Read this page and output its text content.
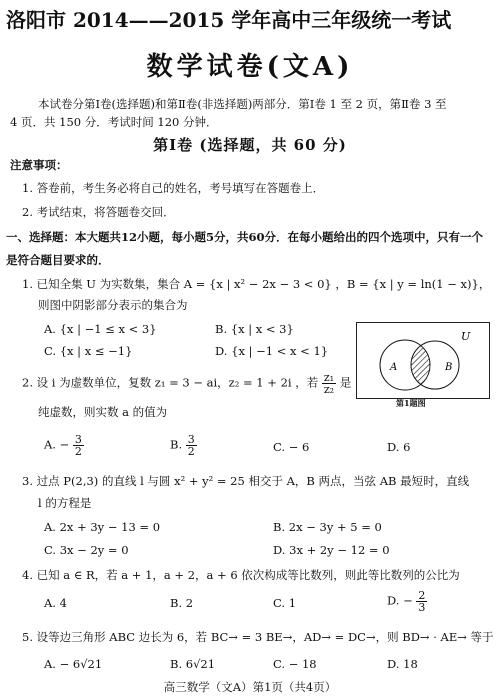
洛阳市 2014——2015 学年高中三年级统一考试
数学试卷(文A)
本试卷分第Ⅰ卷(选择题)和第Ⅱ卷(非选择题)两部分．第Ⅰ卷 1 至 2 页，第Ⅱ卷 3 至
4 页．共 150 分．考试时间 120 分钟．
第Ⅰ卷 (选择题，共 60 分)
注意事项：
1. 答卷前，考生务必将自己的姓名，考号填写在答题卷上．
2. 考试结束，将答题卷交回．
一、选择题：本大题共12小题，每小题5分，共60分．在每小题给出的四个选项中，只有一个
是符合题目要求的．
1. 已知全集 U 为实数集，集合 A = {x | x² − 2x − 3 < 0} ，B = {x | y = ln(1 − x)}，
则图中阴影部分表示的集合为
A. {x | −1 ≤ x < 3}	B. {x | x < 3}
C. {x | x ≤ −1}	D. {x | −1 < x < 1}
U
A	B
第1题图
2. 设 i 为虚数单位，复数 z₁ = 3 − ai，z₂ = 1 + 2i ，若 $\frac{\text{z₁}}{\text{z₂}}$ 是
纯虚数，则实数 a 的值为
A. − $\frac{3}{2}$	B. $\frac{3}{2}$	C. − 6	D. 6
3. 过点 P(2,3) 的直线 l 与圆 x² + y² = 25 相交于 A，B 两点，当弦 AB 最短时，直线
l 的方程是
A. 2x + 3y − 13 = 0	B. 2x − 3y + 5 = 0
C. 3x − 2y = 0	D. 3x + 2y − 12 = 0
4. 已知 a ∈ R，若 a + 1，a + 2，a + 6 依次构成等比数列，则此等比数列的公比为
A. 4	B. 2	C. 1	D. − $\frac{2}{3}$
5. 设等边三角形 ABC 边长为 6，若 BC→ = 3 BE→，AD→ = DC→，则 BD→ · AE→ 等于
A. − 6√21	B. 6√21	C. − 18	D. 18
高三数学（文A）第1页（共4页）
